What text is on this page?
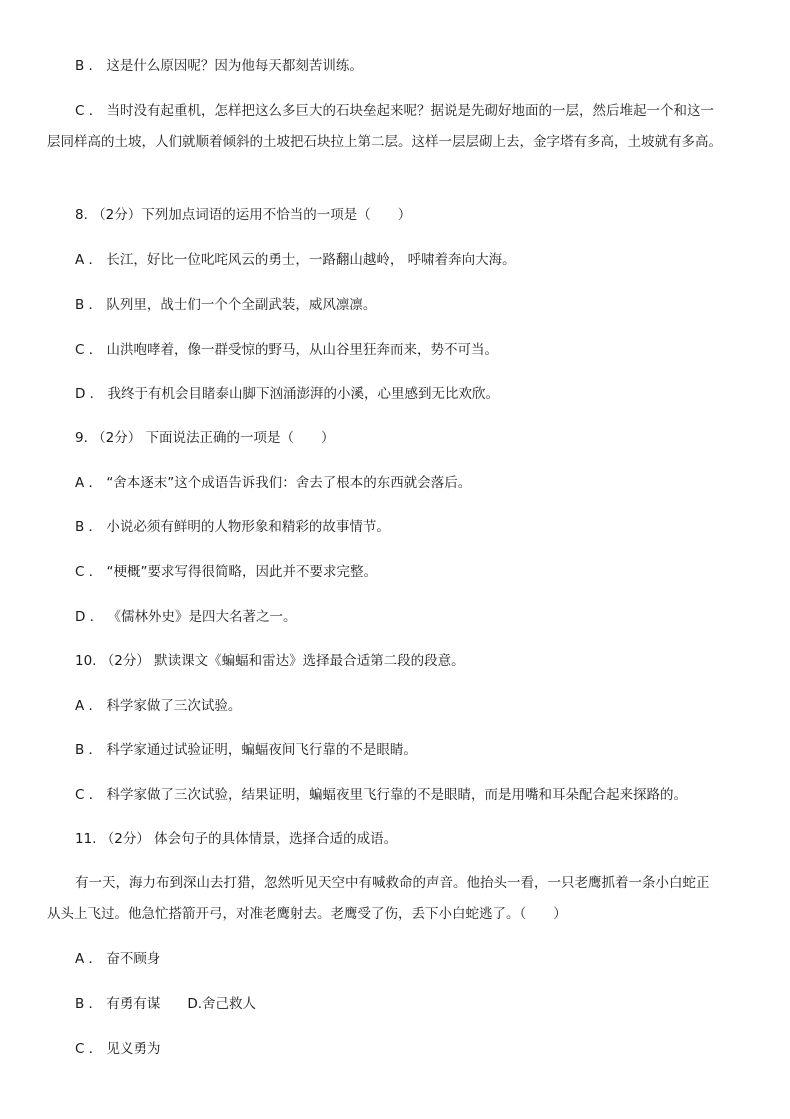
B ． 这是什么原因呢？因为他每天都刻苦训练。
C ． 当时没有起重机，怎样把这么多巨大的石块垒起来呢？据说是先砌好地面的一层，然后堆起一个和这一
层同样高的土坡，人们就顺着倾斜的土坡把石块拉上第二层。这样一层层砌上去，金字塔有多高，土坡就有多高。
8. （2分）下列加点词语的运用不恰当的一项是（　　）
A ． 长江，好比一位叱咤风云的勇士，一路翻山越岭， 呼啸着奔向大海。
B ． 队列里，战士们一个个全副武装，威风凛凛。
C ． 山洪咆哮着，像一群受惊的野马，从山谷里狂奔而来，势不可当。
D ． 我终于有机会目睹泰山脚下汹涌澎湃的小溪，心里感到无比欢欣。
9. （2分） 下面说法正确的一项是（　　）
A ． “舍本逐末”这个成语告诉我们：舍去了根本的东西就会落后。
B ． 小说必须有鲜明的人物形象和精彩的故事情节。
C ． “梗概”要求写得很简略，因此并不要求完整。
D ． 《儒林外史》是四大名著之一。
10. （2分） 默读课文《蝙蝠和雷达》选择最合适第二段的段意。
A ． 科学家做了三次试验。
B ． 科学家通过试验证明，蝙蝠夜间飞行靠的不是眼睛。
C ． 科学家做了三次试验，结果证明，蝙蝠夜里飞行靠的不是眼睛，而是用嘴和耳朵配合起来探路的。
11. （2分） 体会句子的具体情景，选择合适的成语。
有一天，海力布到深山去打猎，忽然听见天空中有喊救命的声音。他抬头一看，一只老鹰抓着一条小白蛇正
从头上飞过。他急忙搭箭开弓，对准老鹰射去。老鹰受了伤，丢下小白蛇逃了。（　　）
A ． 奋不顾身
B ． 有勇有谋　　D.舍己救人
C ． 见义勇为
